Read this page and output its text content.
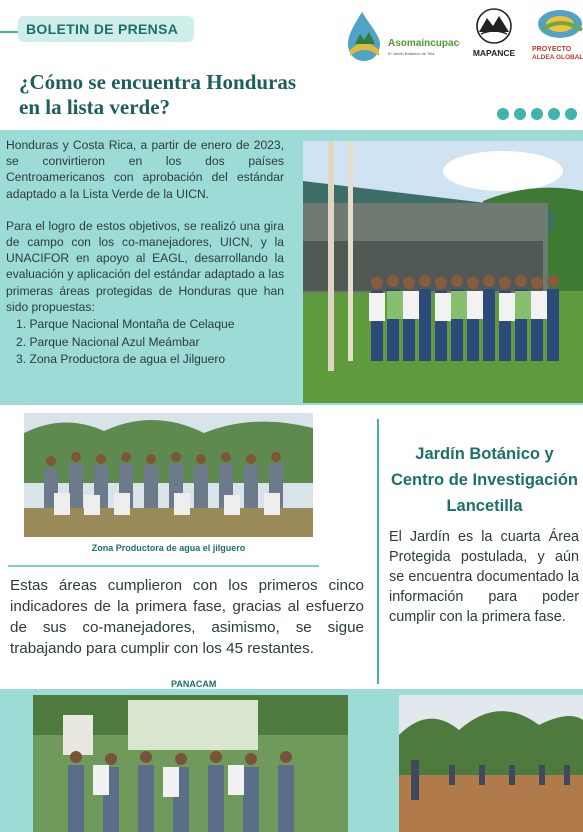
BOLETIN DE PRENSA
Asomaincupaco
El Jardín Botánico de Tela	MAPANCE PROYECTO
ALDEA GLOBAL
¿Cómo se encuentra Honduras
en la lista verde?

Honduras y Costa Rica, a partir de enero de 2023, se convirtieron en los dos países Centroamericanos con aprobación del estándar adaptado a la Lista Verde de la UICN.

Para el logro de estos objetivos, se realizó una gira de campo con los co-manejadores, UICN, y la UNACIFOR en apoyo al EAGL, desarrollando la evaluación y aplicación del estándar adaptado a las primeras áreas protegidas de Honduras que han sido propuestas:

1. Parque Nacional Montaña de Celaque
2. Parque Nacional Azul Meámbar
3. Zona Productora de agua el Jilguero
Zona Productora de agua el jilguero

Estas áreas cumplieron con los primeros cinco indicadores de la primera fase, gracias al esfuerzo de sus co-manejadores, asimismo, se sigue trabajando para cumplir con los 45 restantes.

PANACAM
Jardín Botánico y
Centro de Investigación
Lancetilla

El Jardín es la cuarta Área Protegida postulada, y aún se encuentra documentado la información para poder cumplir con la primera fase.
